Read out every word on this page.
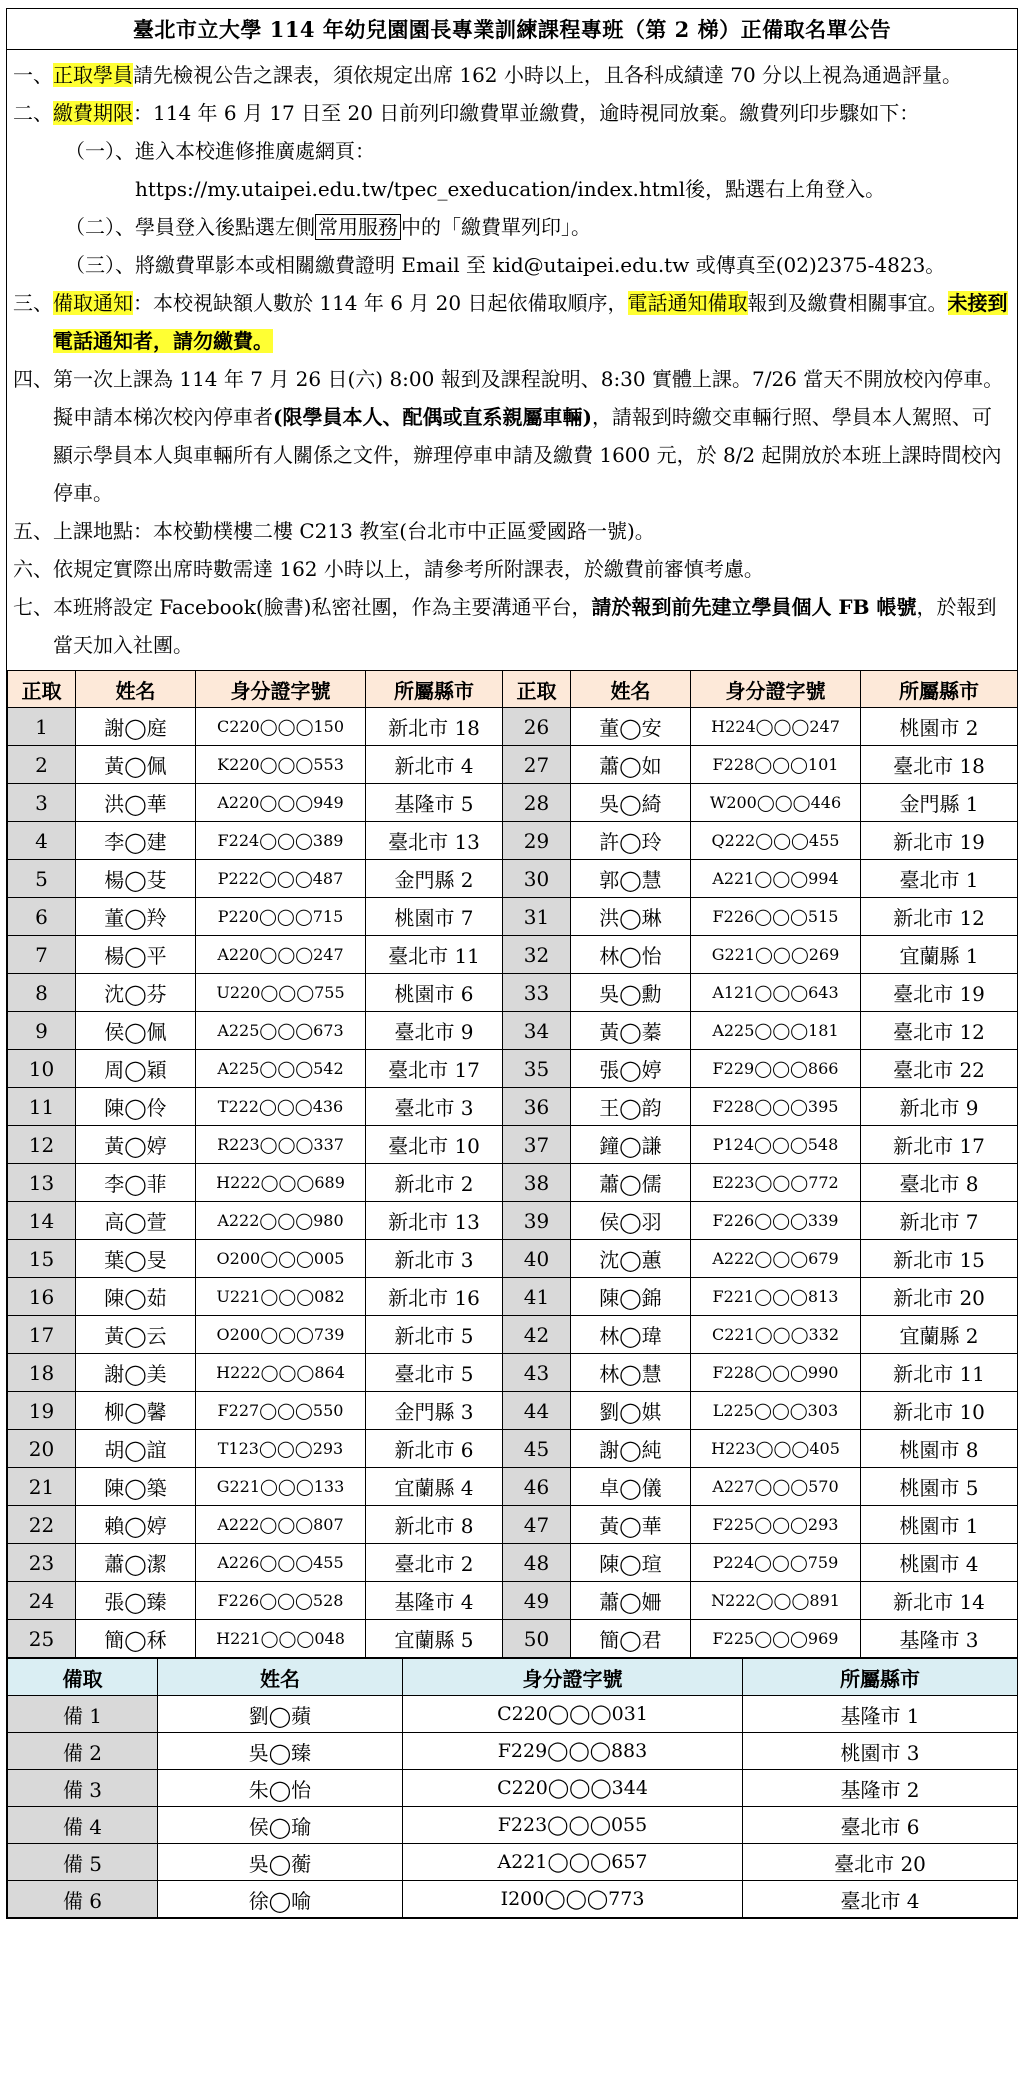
臺北市立大學 114 年幼兒園園長專業訓練課程專班（第 2 梯）正備取名單公告
一、 正取學員請先檢視公告之課表，須依規定出席 162 小時以上，且各科成績達 70 分以上視為通過評量。
二、 繳費期限：114 年 6 月 17 日至 20 日前列印繳費單並繳費，逾時視同放棄。繳費列印步驟如下：
（一）、 進入本校進修推廣處網頁：
https://my.utaipei.edu.tw/tpec_exeducation/index.html後，點選右上角登入。
（二）、 學員登入後點選左側 常用服務 中的「繳費單列印」。
（三）、 將繳費單影本或相關繳費證明 Email 至 kid@utaipei.edu.tw 或傳真至(02)2375-4823。
三、 備取通知：本校視缺額人數於 114 年 6 月 20 日起依備取順序，電話通知備取報到及繳費相關事宜。未接到電話通知者，請勿繳費。
四、 第一次上課為 114 年 7 月 26 日(六) 8:00 報到及課程說明、8:30 實體上課。7/26 當天不開放校內停車。擬申請本梯次校內停車者(限學員本人、配偶或直系親屬車輛)，請報到時繳交車輛行照、學員本人駕照、可顯示學員本人與車輛所有人關係之文件，辦理停車申請及繳費 1600 元，於 8/2 起開放於本班上課時間校內停車。
五、 上課地點：本校勤樸樓二樓 C213 教室(台北市中正區愛國路一號)。
六、 依規定實際出席時數需達 162 小時以上，請參考所附課表，於繳費前審慎考慮。
七、 本班將設定 Facebook(臉書)私密社團，作為主要溝通平台，請於報到前先建立學員個人 FB 帳號，於報到當天加入社團。
正取	姓名	身分證字號	所屬縣市	正取	姓名	身分證字號	所屬縣市
1	謝◯庭	C220◯◯◯150	新北市 18	26	董◯安	H224◯◯◯247	桃園市 2
2	黃◯佩	K220◯◯◯553	新北市 4	27	蕭◯如	F228◯◯◯101	臺北市 18
3	洪◯華	A220◯◯◯949	基隆市 5	28	吳◯綺	W200◯◯◯446	金門縣 1
4	李◯建	F224◯◯◯389	臺北市 13	29	許◯玲	Q222◯◯◯455	新北市 19
5	楊◯芟	P222◯◯◯487	金門縣 2	30	郭◯慧	A221◯◯◯994	臺北市 1
6	董◯羚	P220◯◯◯715	桃園市 7	31	洪◯琳	F226◯◯◯515	新北市 12
7	楊◯平	A220◯◯◯247	臺北市 11	32	林◯怡	G221◯◯◯269	宜蘭縣 1
8	沈◯芬	U220◯◯◯755	桃園市 6	33	吳◯勳	A121◯◯◯643	臺北市 19
9	侯◯佩	A225◯◯◯673	臺北市 9	34	黃◯蓁	A225◯◯◯181	臺北市 12
10	周◯穎	A225◯◯◯542	臺北市 17	35	張◯婷	F229◯◯◯866	臺北市 22
11	陳◯伶	T222◯◯◯436	臺北市 3	36	王◯韵	F228◯◯◯395	新北市 9
12	黃◯婷	R223◯◯◯337	臺北市 10	37	鐘◯謙	P124◯◯◯548	新北市 17
13	李◯菲	H222◯◯◯689	新北市 2	38	蕭◯儒	E223◯◯◯772	臺北市 8
14	高◯萱	A222◯◯◯980	新北市 13	39	侯◯羽	F226◯◯◯339	新北市 7
15	葉◯旻	O200◯◯◯005	新北市 3	40	沈◯蕙	A222◯◯◯679	新北市 15
16	陳◯茹	U221◯◯◯082	新北市 16	41	陳◯錦	F221◯◯◯813	新北市 20
17	黃◯云	O200◯◯◯739	新北市 5	42	林◯瑋	C221◯◯◯332	宜蘭縣 2
18	謝◯美	H222◯◯◯864	臺北市 5	43	林◯慧	F228◯◯◯990	新北市 11
19	柳◯馨	F227◯◯◯550	金門縣 3	44	劉◯娸	L225◯◯◯303	新北市 10
20	胡◯誼	T123◯◯◯293	新北市 6	45	謝◯純	H223◯◯◯405	桃園市 8
21	陳◯築	G221◯◯◯133	宜蘭縣 4	46	卓◯儀	A227◯◯◯570	桃園市 5
22	賴◯婷	A222◯◯◯807	新北市 8	47	黃◯華	F225◯◯◯293	桃園市 1
23	蕭◯潔	A226◯◯◯455	臺北市 2	48	陳◯瑄	P224◯◯◯759	桃園市 4
24	張◯臻	F226◯◯◯528	基隆市 4	49	蕭◯姍	N222◯◯◯891	新北市 14
25	簡◯秝	H221◯◯◯048	宜蘭縣 5	50	簡◯君	F225◯◯◯969	基隆市 3
備取	姓名	身分證字號	所屬縣市
備 1	劉◯蘋	C220◯◯◯031	基隆市 1
備 2	吳◯臻	F229◯◯◯883	桃園市 3
備 3	朱◯怡	C220◯◯◯344	基隆市 2
備 4	侯◯瑜	F223◯◯◯055	臺北市 6
備 5	吳◯蘅	A221◯◯◯657	臺北市 20
備 6	徐◯喻	I200◯◯◯773	臺北市 4
